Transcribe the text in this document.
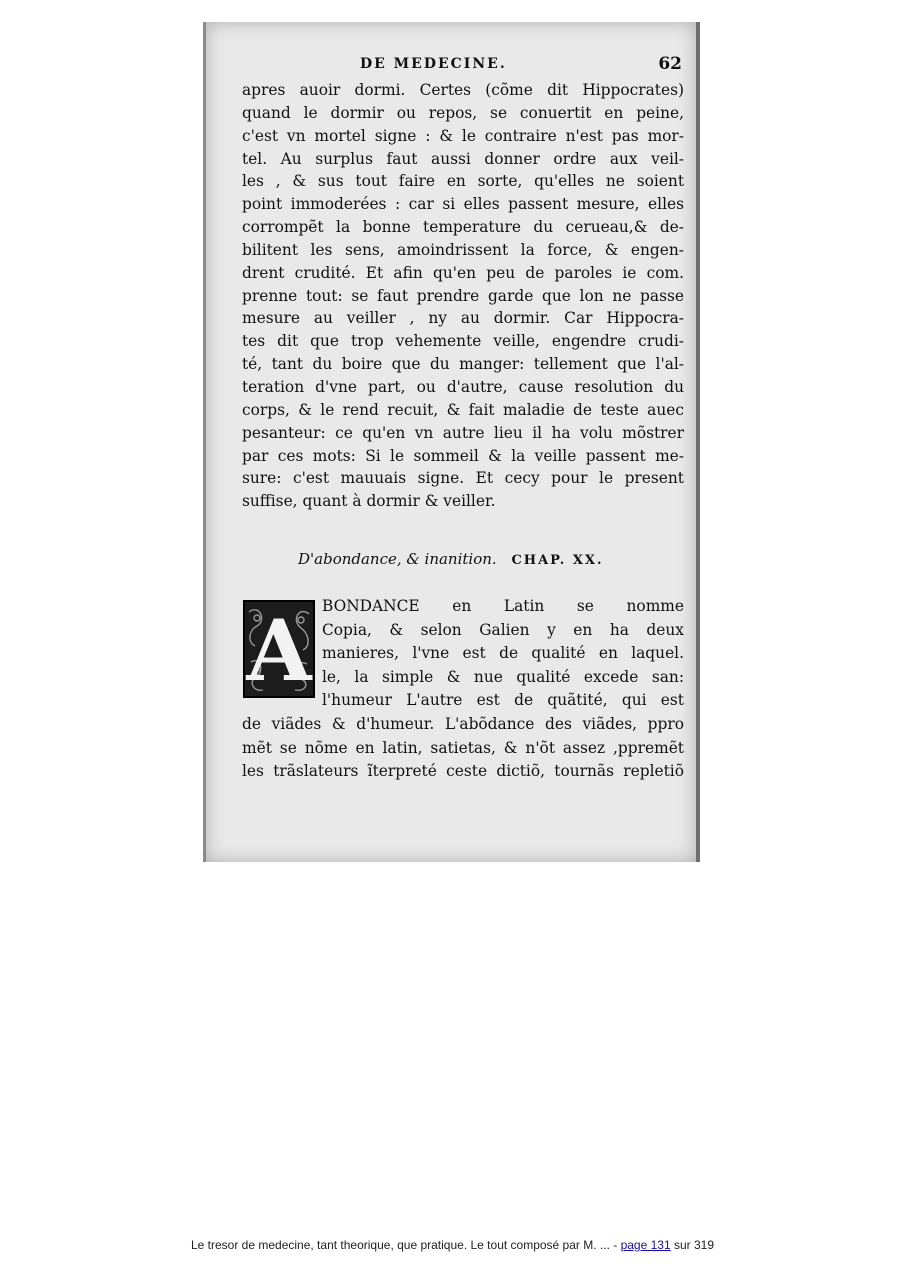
DE MEDECINE.	62
apres auoir dormi. Certes (cõme dit Hippocrates)
quand le dormir ou repos, se conuertit en peine,
c'est vn mortel signe : & le contraire n'est pas mor-
tel. Au surplus faut aussi donner ordre aux veil-
les , & sus tout faire en sorte, qu'elles ne soient
point immoderées : car si elles passent mesure, elles
corrompẽt la bonne temperature du cerueau,& de-
bilitent les sens, amoindrissent la force, & engen-
drent crudité. Et afin qu'en peu de paroles ie com.
prenne tout: se faut prendre garde que lon ne passe
mesure au veiller , ny au dormir. Car Hippocra-
tes dit que trop vehemente veille, engendre crudi-
té, tant du boire que du manger: tellement que l'al-
teration d'vne part, ou d'autre, cause resolution du
corps, & le rend recuit, & fait maladie de teste auec
pesanteur: ce qu'en vn autre lieu il ha volu mõstrer
par ces mots: Si le sommeil & la veille passent me-
sure: c'est mauuais signe. Et cecy pour le present
suffise, quant à dormir & veiller.
D'abondance, & inanition. CHAP. XX.
A BONDANCE en Latin se nomme
Copia, & selon Galien y en ha deux
manieres, l'vne est de qualité en laquel.
le, la simple & nue qualité excede san:
l'humeur L'autre est de quãtité, qui est
de viãdes & d'humeur. L'abõdance des viãdes, ppro
mẽt se nõme en latin, satietas, & n'õt assez ,ppremẽt
les trãslateurs ĩterpreté ceste dictiõ, tournãs repletiõ
Le tresor de medecine, tant theorique, que pratique. Le tout composé par M. ... - page 131 sur 319
